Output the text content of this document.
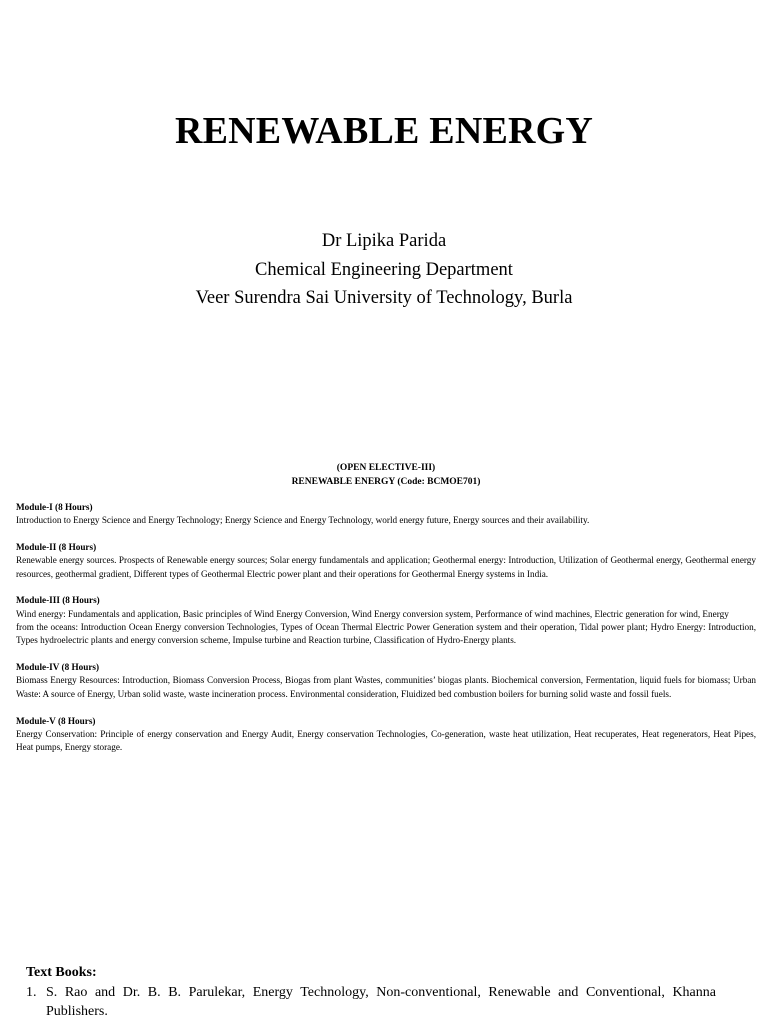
RENEWABLE ENERGY
Dr Lipika Parida
Chemical Engineering Department
Veer Surendra Sai University of Technology, Burla
(OPEN ELECTIVE-III)
RENEWABLE ENERGY (Code: BCMOE701)
Module-I (8 Hours)
Introduction to Energy Science and Energy Technology; Energy Science and Energy Technology, world energy future, Energy sources and their availability.
Module-II (8 Hours)
Renewable energy sources. Prospects of Renewable energy sources; Solar energy fundamentals and application; Geothermal energy: Introduction, Utilization of Geothermal energy, Geothermal energy resources, geothermal gradient, Different types of Geothermal Electric power plant and their operations for Geothermal Energy systems in India.
Module-III (8 Hours)
Wind energy: Fundamentals and application, Basic principles of Wind Energy Conversion, Wind Energy conversion system, Performance of wind machines, Electric generation for wind, Energy
from the oceans: Introduction Ocean Energy conversion Technologies, Types of Ocean Thermal Electric Power Generation system and their operation, Tidal power plant; Hydro Energy: Introduction, Types hydroelectric plants and energy conversion scheme, Impulse turbine and Reaction turbine, Classification of Hydro-Energy plants.
Module-IV (8 Hours)
Biomass Energy Resources: Introduction, Biomass Conversion Process, Biogas from plant Wastes, communities’ biogas plants. Biochemical conversion, Fermentation, liquid fuels for biomass; Urban Waste: A source of Energy, Urban solid waste, waste incineration process. Environmental consideration, Fluidized bed combustion boilers for burning solid waste and fossil fuels.
Module-V (8 Hours)
Energy Conservation: Principle of energy conservation and Energy Audit, Energy conservation Technologies, Co-generation, waste heat utilization, Heat recuperates, Heat regenerators, Heat Pipes, Heat pumps, Energy storage.
Text Books:
1. S. Rao and Dr. B. B. Parulekar, Energy Technology, Non-conventional, Renewable and Conventional, Khanna Publishers.
